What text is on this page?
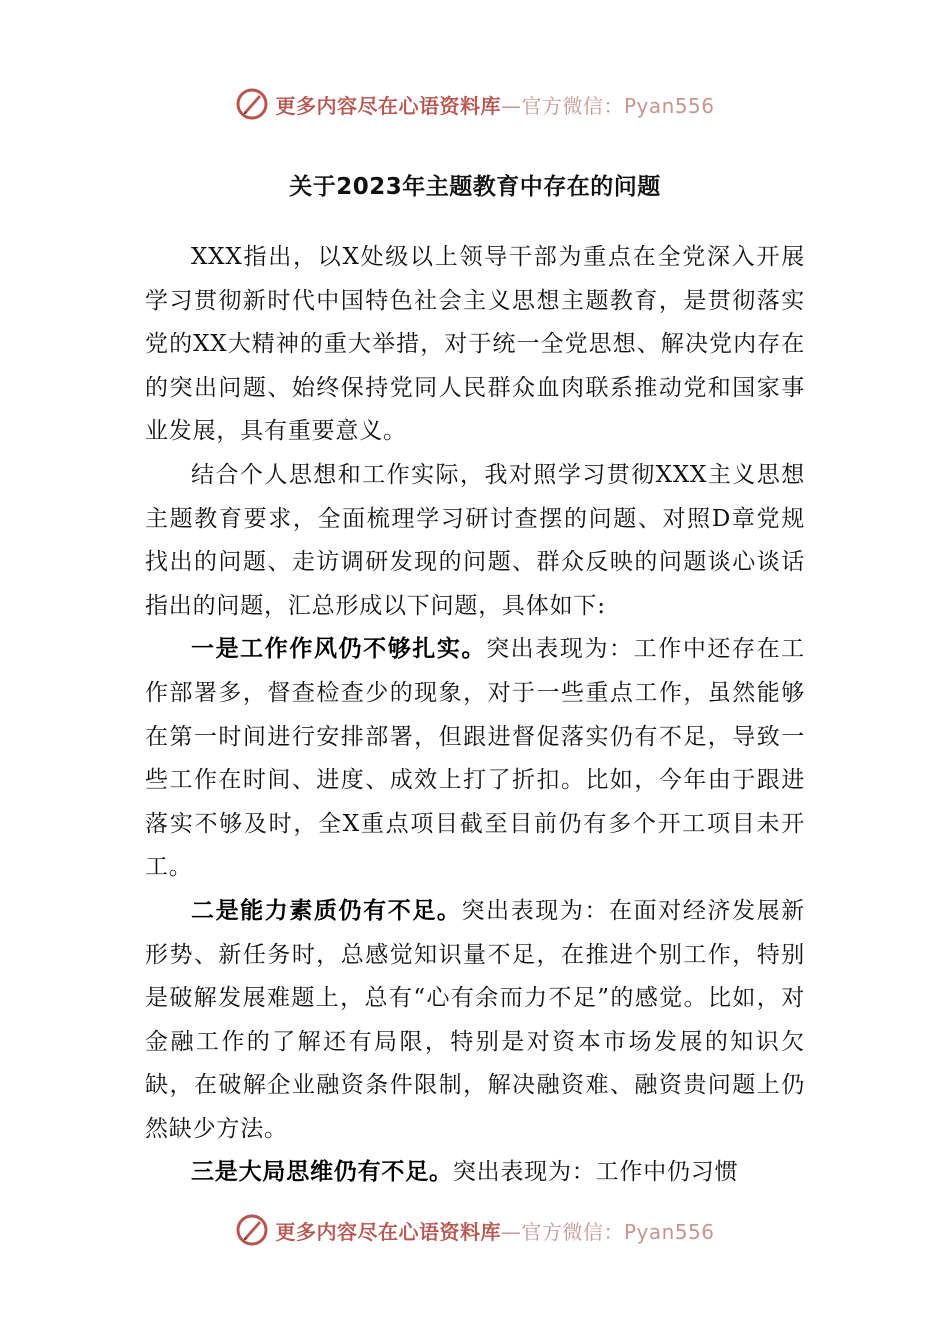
更多内容尽在心语资料库—官方微信：Pyan556
关于2023年主题教育中存在的问题

XXX指出，以X处级以上领导干部为重点在全党深入开展学习贯彻新时代中国特色社会主义思想主题教育，是贯彻落实党的XX大精神的重大举措，对于统一全党思想、解决党内存在的突出问题、始终保持党同人民群众血肉联系推动党和国家事业发展，具有重要意义。

结合个人思想和工作实际，我对照学习贯彻XXX主义思想主题教育要求，全面梳理学习研讨查摆的问题、对照D章党规找出的问题、走访调研发现的问题、群众反映的问题谈心谈话指出的问题，汇总形成以下问题，具体如下:

一是工作作风仍不够扎实。突出表现为：工作中还存在工作部署多，督查检查少的现象，对于一些重点工作，虽然能够在第一时间进行安排部署，但跟进督促落实仍有不足，导致一些工作在时间、进度、成效上打了折扣。比如，今年由于跟进落实不够及时，全X重点项目截至目前仍有多个开工项目未开工。

二是能力素质仍有不足。突出表现为：在面对经济发展新形势、新任务时，总感觉知识量不足，在推进个别工作，特别是破解发展难题上，总有“心有余而力不足”的感觉。比如，对金融工作的了解还有局限，特别是对资本市场发展的知识欠缺，在破解企业融资条件限制，解决融资难、融资贵问题上仍然缺少方法。

三是大局思维仍有不足。突出表现为：工作中仍习惯

更多内容尽在心语资料库—官方微信：Pyan556
